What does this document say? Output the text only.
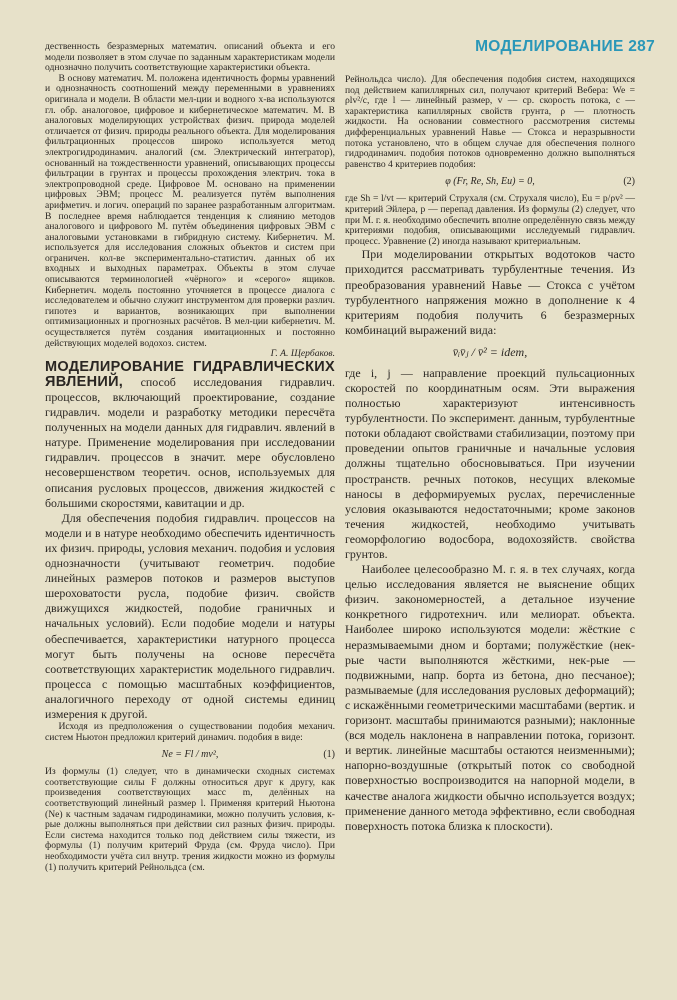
МОДЕЛИРОВАНИЕ 287

дественность безразмерных математич. описаний объекта и его модели позволяет в этом случае по заданным характеристикам модели однозначно получить соответствующие характеристики объекта.

В основу математич. М. положена идентичность формы уравнений и однозначность соотношений между переменными в уравнениях оригинала и модели. В области мел-ции и водного х-ва используются гл. обр. аналоговое, цифровое и кибернетическое математич. М. В аналоговых моделирующих устройствах физич. природа моделей отличается от физич. природы реального объекта. Для моделирования фильтрационных процессов широко используется метод электрогидродинамич. аналогий (см. Электрический интегратор), основанный на тождественности уравнений, описывающих процессы фильтрации в грунтах и процессы прохождения электрич. тока в электропроводной среде. Цифровое М. основано на применении цифровых ЭВМ; процесс М. реализуется путём выполнения арифметич. и логич. операций по заранее разработанным алгоритмам. В последнее время наблюдается тенденция к слиянию методов аналогового и цифрового М. путём объединения цифровых ЭВМ с аналоговыми установками в гибридную систему. Кибернетич. М. используется для исследования сложных объектов и систем при ограничен. кол-ве экспериментально-статистич. данных об их входных и выходных параметрах. Объекты в этом случае описываются терминологией «чёрного» и «серого» ящиков. Кибернетич. модель постоянно уточняется в процессе диалога с исследователем и обычно служит инструментом для проверки различ. гипотез и вариантов, возникающих при выполнении оптимизационных и прогнозных расчётов. В мел-ции кибернетич. М. осуществляется путём создания имитационных и постоянно действующих моделей водохоз. систем.

Г. А. Щербаков.

МОДЕЛИРОВАНИЕ ГИДРАВЛИЧЕСКИХ ЯВЛЕНИЙ, способ исследования гидравлич. процессов, включающий проектирование, создание гидравлич. модели и разработку методики пересчёта полученных на модели данных для гидравлич. явлений в натуре. Применение моделирования при исследовании гидравлич. процессов в значит. мере обусловлено несовершенством теоретич. основ, используемых для описания русловых процессов, движения жидкостей с большими скоростями, кавитации и др.

Для обеспечения подобия гидравлич. процессов на модели и в натуре необходимо обеспечить идентичность их физич. природы, условия механич. подобия и условия однозначности (учитывают геометрич. подобие линейных размеров потоков и размеров выступов шероховатости русла, подобие физич. свойств движущихся жидкостей, подобие граничных и начальных условий). Если подобие модели и натуры обеспечивается, характеристики натурного процесса могут быть получены на основе пересчёта соответствующих характеристик модельного гидравлич. процесса с помощью масштабных коэффициентов, аналогичного переходу от одной системы единиц измерения к другой.

Исходя из предположения о существовании подобия механич. систем Ньютон предложил критерий динамич. подобия в виде:

Ne = Fl / mv²,	(1)

Из формулы (1) следует, что в динамически сходных системах соответствующие силы F должны относиться друг к другу, как произведения соответствующих масс m, делённых на соответствующий линейный размер l. Применяя критерий Ньютона (Ne) к частным задачам гидродинамики, можно получить условия, к-рые должны выполняться при действии сил разных физич. природы. Если система находится только под действием силы тяжести, из формулы (1) получим критерий Фруда (см. Фруда число). При необходимости учёта сил внутр. трения жидкости можно из формулы (1) получить критерий Рейнольдса (см.

Рейнольдса число). Для обеспечения подобия систем, находящихся под действием капиллярных сил, получают критерий Вебера: We = ρlv²/c, где l — линейный размер, v — ср. скорость потока, c — характеристика капиллярных свойств грунта, ρ — плотность жидкости. На основании совместного рассмотрения системы дифференциальных уравнений Навье — Стокса и неразрывности потока установлено, что в общем случае для обеспечения полного гидродинамич. подобия потоков одновременно должно выполняться равенство 4 критериев подобия:

φ (Fr, Re, Sh, Eu) = 0,	(2)

где Sh = l/vt — критерий Струхаля (см. Струхаля число), Eu = p/ρv² — критерий Эйлера, p — перепад давления. Из формулы (2) следует, что при М. г. я. необходимо обеспечить вполне определённую связь между критериями подобия, описывающими исследуемый гидравлич. процесс. Уравнение (2) иногда называют критериальным.

При моделировании открытых водотоков часто приходится рассматривать турбулентные течения. Из преобразования уравнений Навье — Стокса с учётом турбулентного напряжения можно в дополнение к 4 критериям подобия получить 6 безразмерных комбинаций выражений вида:

v̄ᵢv̄ⱼ / v̄² = idem,

где i, j — направление проекций пульсационных скоростей по координатным осям. Эти выражения полностью характеризуют интенсивность турбулентности. По эксперимент. данным, турбулентные потоки обладают свойствами стабилизации, поэтому при проведении опытов граничные и начальные условия должны тщательно обосновываться. При изучении пространств. речных потоков, несущих влекомые наносы в деформируемых руслах, перечисленные условия оказываются недостаточными; кроме законов течения жидкостей, необходимо учитывать геоморфологию водосбора, водохозяйств. свойства грунтов.

Наиболее целесообразно М. г. я. в тех случаях, когда целью исследования является не выяснение общих физич. закономерностей, а детальное изучение конкретного гидротехнич. или мелиорат. объекта. Наиболее широко используются модели: жёсткие с неразмываемыми дном и бортами; полужёсткие (нек-рые части выполняются жёсткими, нек-рые — подвижными, напр. борта из бетона, дно песчаное); размываемые (для исследования русловых деформаций); с искажёнными геометрическими масштабами (вертик. и горизонт. масштабы принимаются разными); наклонные (вся модель наклонена в направлении потока, горизонт. и вертик. линейные масштабы остаются неизменными); напорно-воздушные (открытый поток со свободной поверхностью воспроизводится на напорной модели, в качестве аналога жидкости обычно используется воздух; применение данного метода эффективно, если свободная поверхность потока близка к плоскости).
